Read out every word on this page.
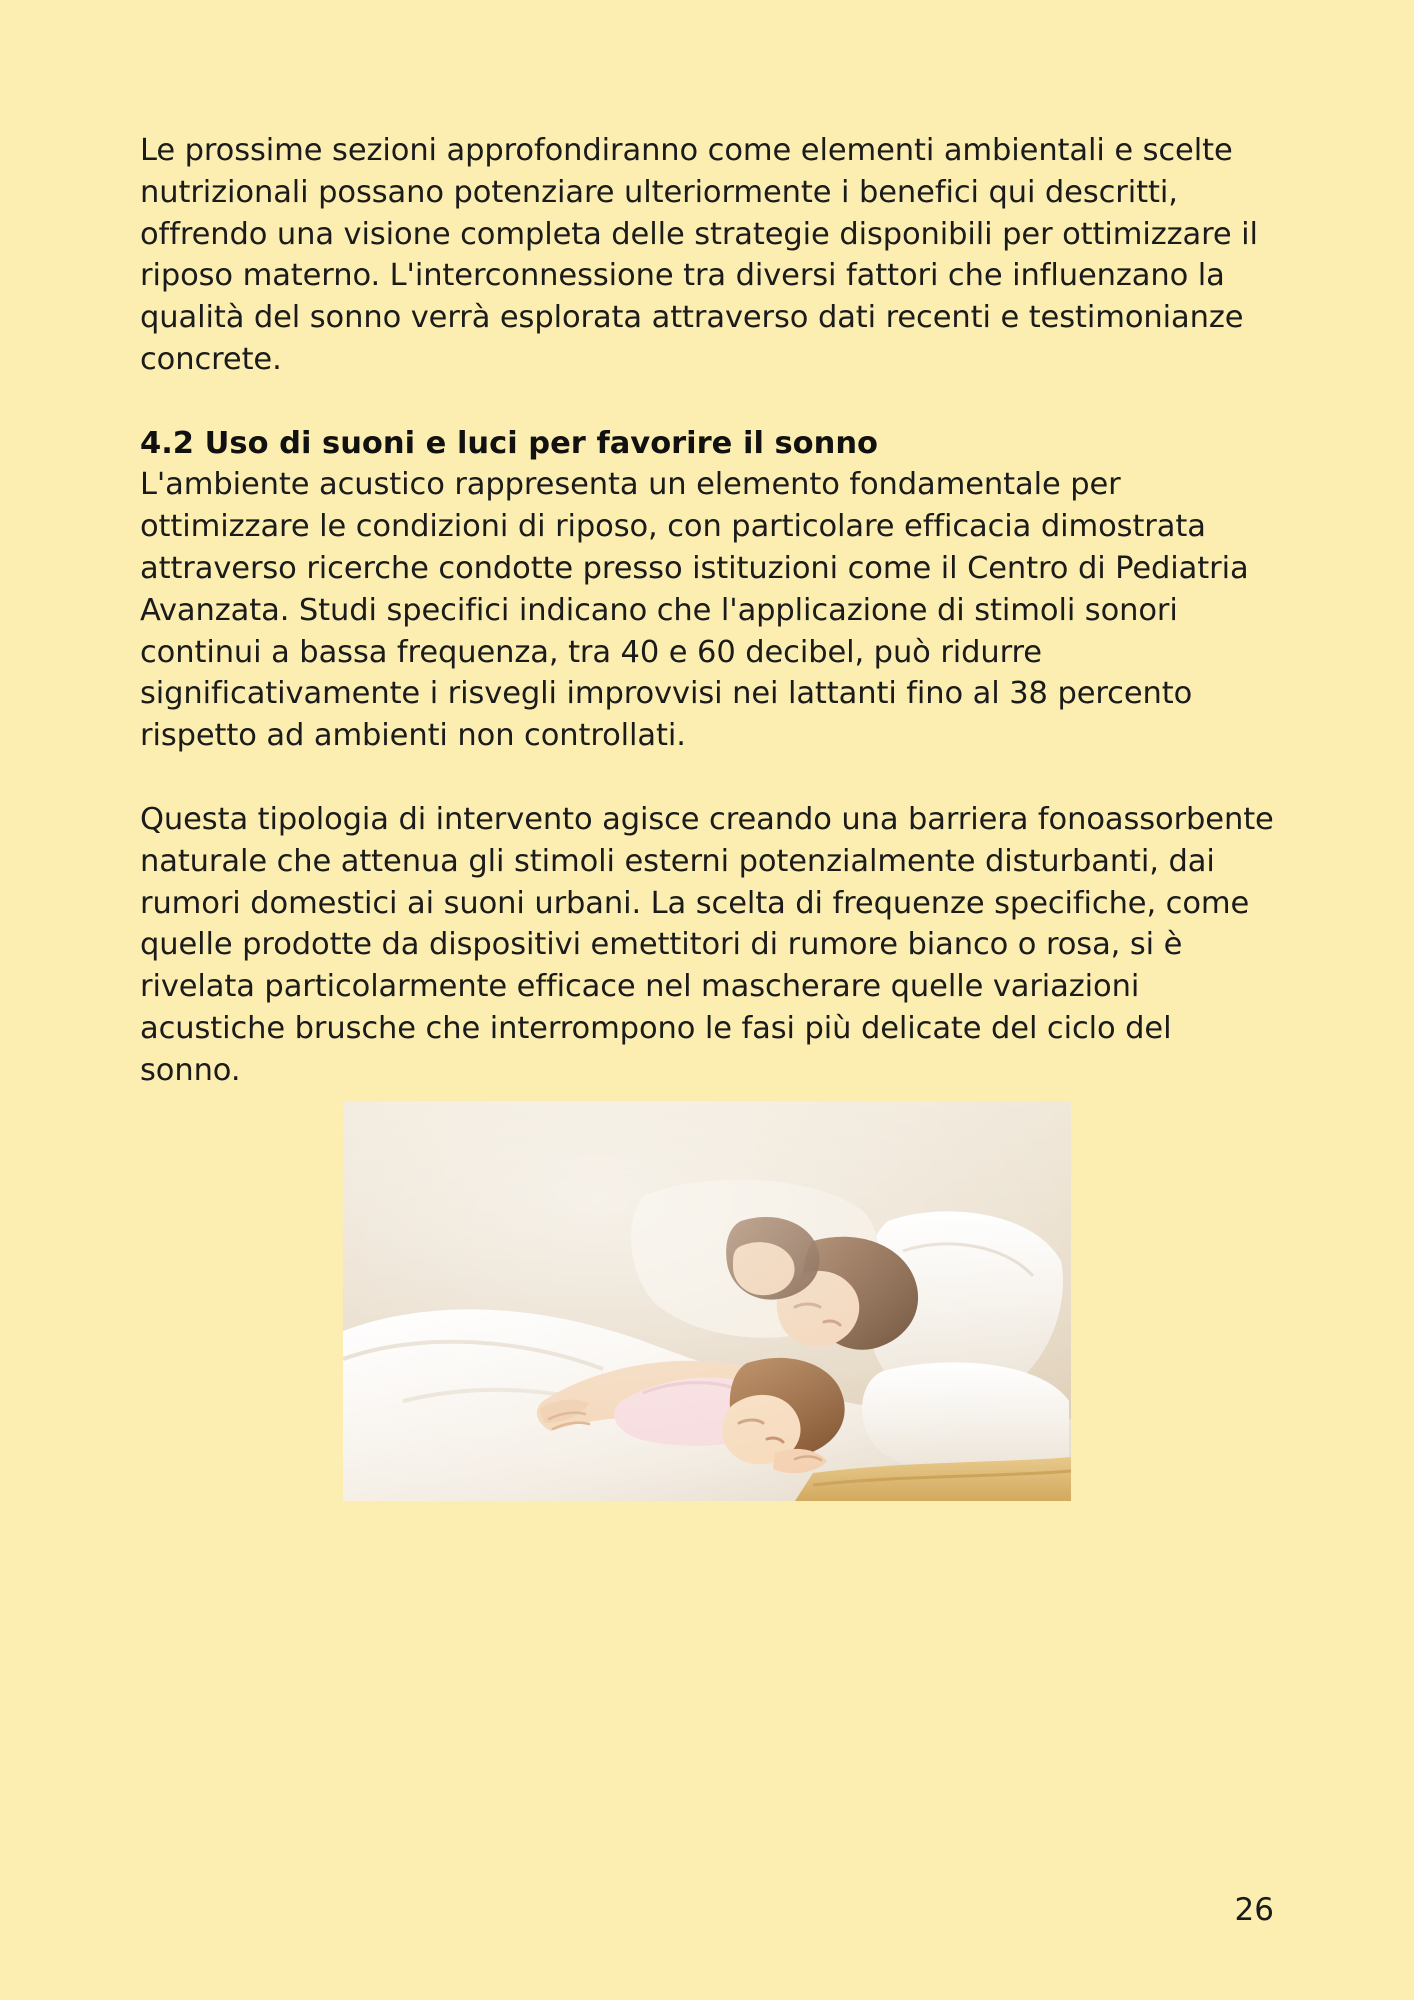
Le prossime sezioni approfondiranno come elementi ambientali e scelte nutrizionali possano potenziare ulteriormente i benefici qui descritti, offrendo una visione completa delle strategie disponibili per ottimizzare il riposo materno. L'interconnessione tra diversi fattori che influenzano la qualità del sonno verrà esplorata attraverso dati recenti e testimonianze concrete.

4.2 Uso di suoni e luci per favorire il sonno

L'ambiente acustico rappresenta un elemento fondamentale per ottimizzare le condizioni di riposo, con particolare efficacia dimostrata attraverso ricerche condotte presso istituzioni come il Centro di Pediatria Avanzata. Studi specifici indicano che l'applicazione di stimoli sonori continui a bassa frequenza, tra 40 e 60 decibel, può ridurre significativamente i risvegli improvvisi nei lattanti fino al 38 percento rispetto ad ambienti non controllati.

Questa tipologia di intervento agisce creando una barriera fonoassorbente naturale che attenua gli stimoli esterni potenzialmente disturbanti, dai rumori domestici ai suoni urbani. La scelta di frequenze specifiche, come quelle prodotte da dispositivi emettitori di rumore bianco o rosa, si è rivelata particolarmente efficace nel mascherare quelle variazioni acustiche brusche che interrompono le fasi più delicate del ciclo del sonno.

26
